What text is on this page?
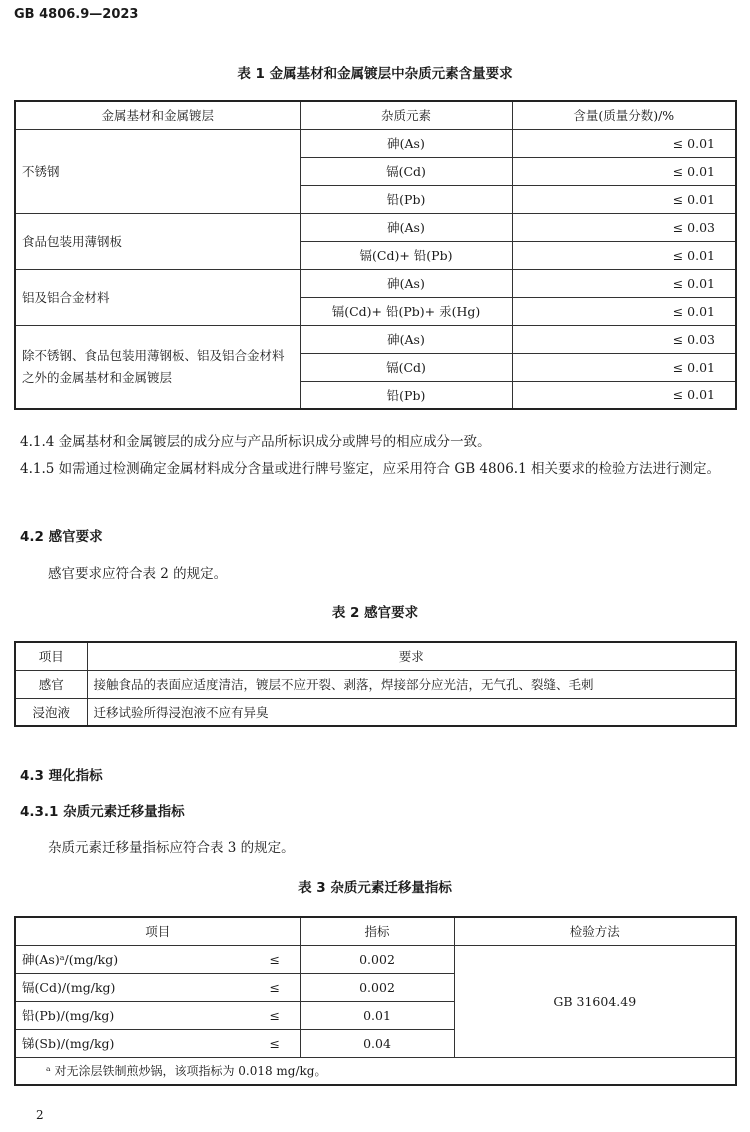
GB 4806.9—2023
表 1 金属基材和金属镀层中杂质元素含量要求
金属基材和金属镀层	杂质元素	含量(质量分数)/%
不锈钢	砷(As)	≤ 0.01
	镉(Cd)	≤ 0.01
	铅(Pb)	≤ 0.01
食品包装用薄钢板	砷(As)	≤ 0.03
	镉(Cd)+ 铅(Pb)	≤ 0.01
铝及铝合金材料	砷(As)	≤ 0.01
	镉(Cd)+ 铅(Pb)+ 汞(Hg)	≤ 0.01
除不锈钢、食品包装用薄钢板、铝及铝合金材料之外的金属基材和金属镀层	砷(As)	≤ 0.03
	镉(Cd)	≤ 0.01
	铅(Pb)	≤ 0.01
4.1.4 金属基材和金属镀层的成分应与产品所标识成分或牌号的相应成分一致。
4.1.5 如需通过检测确定金属材料成分含量或进行牌号鉴定，应采用符合 GB 4806.1 相关要求的检验方法进行测定。
4.2 感官要求
感官要求应符合表 2 的规定。
表 2 感官要求
项目	要求
感官	接触食品的表面应适度清洁，镀层不应开裂、剥落，焊接部分应光洁，无气孔、裂缝、毛刺
浸泡液	迁移试验所得浸泡液不应有异臭
4.3 理化指标
4.3.1 杂质元素迁移量指标
杂质元素迁移量指标应符合表 3 的规定。
表 3 杂质元素迁移量指标
项目		指标	检验方法
砷(As)ᵃ/(mg/kg)	≤	0.002	GB 31604.49
镉(Cd)/(mg/kg)	≤	0.002	
铅(Pb)/(mg/kg)	≤	0.01	
锑(Sb)/(mg/kg)	≤	0.04	
ᵃ 对无涂层铁制煎炒锅，该项指标为 0.018 mg/kg。			
2
